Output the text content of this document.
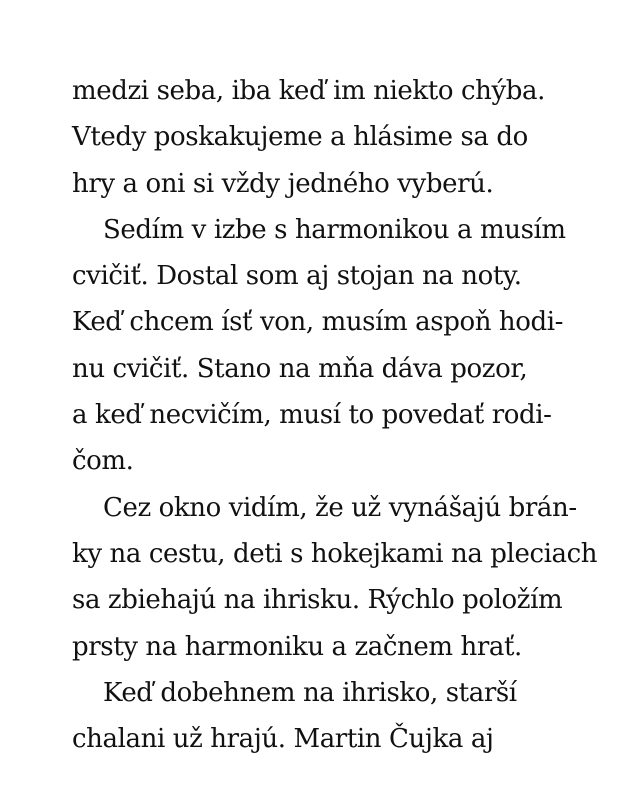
medzi seba, iba keď im niekto chýba.
Vtedy poskakujeme a hlásime sa do
hry a oni si vždy jedného vyberú.
Sedím v izbe s harmonikou a musím
cvičiť. Dostal som aj stojan na noty.
Keď chcem ísť von, musím aspoň hodi-
nu cvičiť. Stano na mňa dáva pozor,
a keď necvičím, musí to povedať rodi-
čom.
Cez okno vidím, že už vynášajú brán-
ky na cestu, deti s hokejkami na pleciach
sa zbiehajú na ihrisku. Rýchlo položím
prsty na harmoniku a začnem hrať.
Keď dobehnem na ihrisko, starší
chalani už hrajú. Martin Čujka aj
